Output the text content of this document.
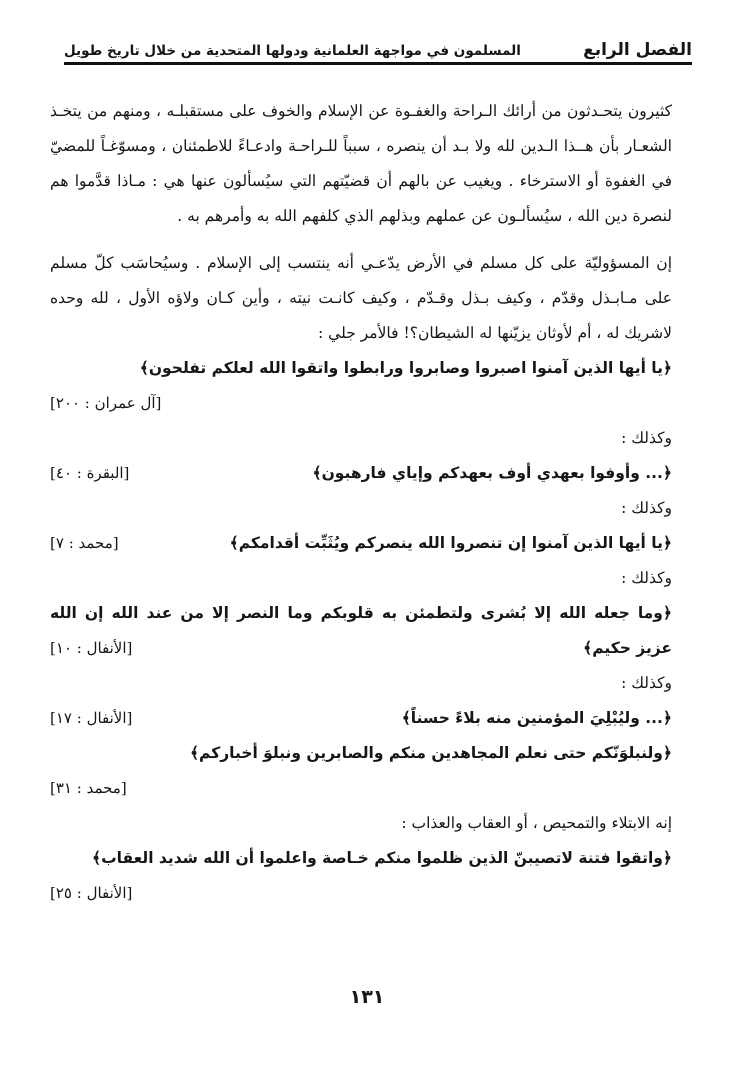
الفصل الرابع
المسلمون في مواجهة العلمانية ودولها المتحدية من خلال تاريخ طويل

كثيرون يتحـدثون من أرائك الـراحة والغفـوة عن الإسلام والخوف على مستقبلـه ، ومنهم من يتخـذ الشعـار بأن هــذا الـدين لله ولا بـد أن ينصره ، سبباً للـراحـة وادعـاءً للاطمئنان ، ومسوّغـاً للمضيّ في الغفوة أو الاسترخاء . ويغيب عن بالهم أن قضيّتهم التي سيُسألون عنها هي : مـاذا قدَّموا هم لنصرة دين الله ، سيُسألـون عن عملهم وبذلهم الذي كلفهم الله به وأمرهم به .

إن المسؤوليّة على كل مسلم في الأرض يدّعـي أنه ينتسب إلى الإسلام . وسيُحاسَب كلّ مسلم على مـابـذل وقدّم ، وكيف بـذل وقـدّم ، وكيف كانـت نيته ، وأين كـان ولاؤه الأول ، لله وحده لاشريك له ، أم لأوثان يزيّنها له الشيطان؟! فالأمر جلي :

﴿يا أيها الذين آمنوا اصبروا وصابروا ورابطوا واتقوا الله لعلكم تفلحون﴾

[آل عمران : ٢٠٠]

وكذلك :

﴿... وأوفوا بعهدي أوف بعهدكم وإياي فارهبون﴾
[البقرة : ٤٠]

وكذلك :

﴿يا أيها الذين آمنوا إن تنصروا الله ينصركم ويُثَبِّت أقدامكم﴾
[محمد : ٧]

وكذلك :

﴿وما جعله الله إلا بُشرى ولتطمئن به قلوبكم وما النصر إلا من عند الله إن الله عزيز حكيم﴾

[الأنفال : ١٠]

وكذلك :

﴿... وليُبْلِيَ المؤمنين منه بلاءً حسناً﴾
[الأنفال : ١٧]

﴿ولنبلوَنّكم حتى نعلم المجاهدين منكم والصابرين ونبلوَ أخباركم﴾

[محمد : ٣١]

إنه الابتلاء والتمحيص ، أو العقاب والعذاب :

﴿واتقوا فتنة لاتصيبنّ الذين ظلموا منكم خـاصة واعلموا أن الله شديد العقاب﴾

[الأنفال : ٢٥]

١٣١
